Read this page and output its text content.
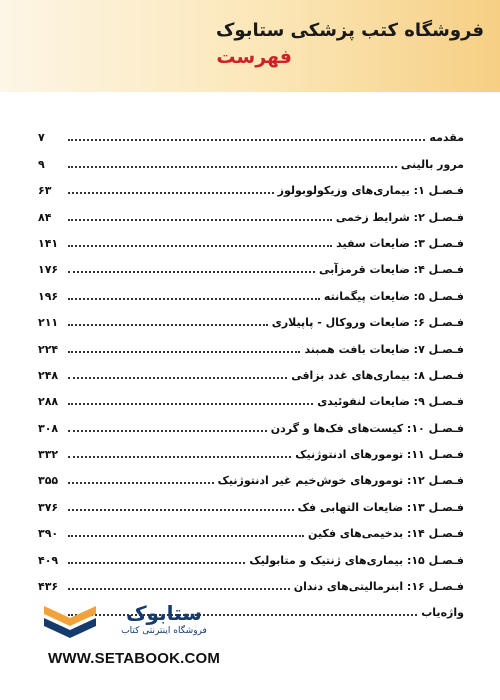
فروشگاه کتب پزشکی ستابوک
فهرست
مقدمه
۷
مرور بالینی
۹
فـصـل ۱: بیماری‌های وزیکولوبولوز
۶۳
فـصـل ۲: شرایط زخمی
۸۴
فـصـل ۳: ضایعات سفید
۱۴۱
فـصـل ۴: ضایعات قرمزآبی
۱۷۶
فـصـل ۵: ضایعات پیگمانته
۱۹۶
فـصـل ۶: ضایعات وروکال - پاپیلاری
۲۱۱
فـصـل ۷: ضایعات بافت همبند
۲۲۴
فـصـل ۸: بیماری‌های غدد بزاقی
۲۴۸
فـصـل ۹: ضایعات لنفوئیدی
۲۸۸
فـصـل ۱۰: کیست‌های فک‌ها و گردن
۳۰۸
فـصـل ۱۱: تومورهای ادنتوژنیک
۳۳۲
فـصـل ۱۲: تومورهای خوش‌خیم غیر ادنتوژنیک
۳۵۵
فـصـل ۱۳: ضایعات التهابی فک
۳۷۶
فـصـل ۱۴: بدخیمی‌های فکین
۳۹۰
فـصـل ۱۵: بیماری‌های ژنتیک و متابولیک
۴۰۹
فـصـل ۱۶: ابنرمالیتی‌های دندان
۴۳۶
واژه‌یاب
ستابوک
فروشگاه اینترنتی کتاب
WWW.SETABOOK.COM
